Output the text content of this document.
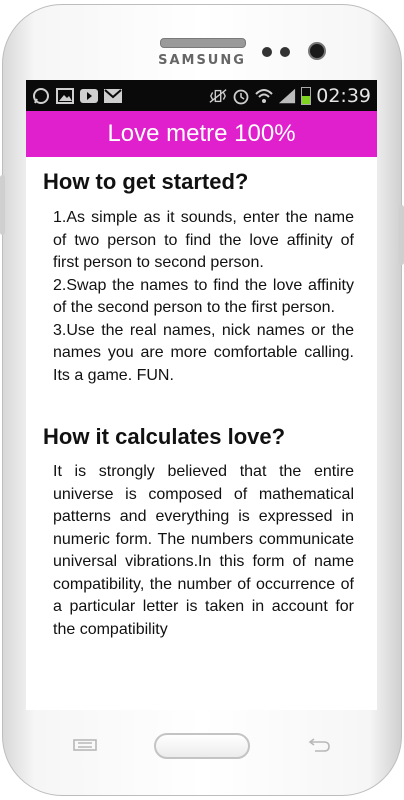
SAMSUNG
02:39
Love metre 100%
How to get started?

1.As simple as it sounds, enter the name of two person to find the love affinity of first person to second person.
2.Swap the names to find the love affinity of the second person to the first person.
3.Use the real names, nick names or the names you are more comfortable calling. Its a game. FUN.

How it calculates love?

It is strongly believed that the entire universe is composed of mathematical patterns and everything is expressed in numeric form. The numbers communicate universal vibrations.In this form of name compatibility, the number of occurrence of a particular letter is taken in account for the compatibility
